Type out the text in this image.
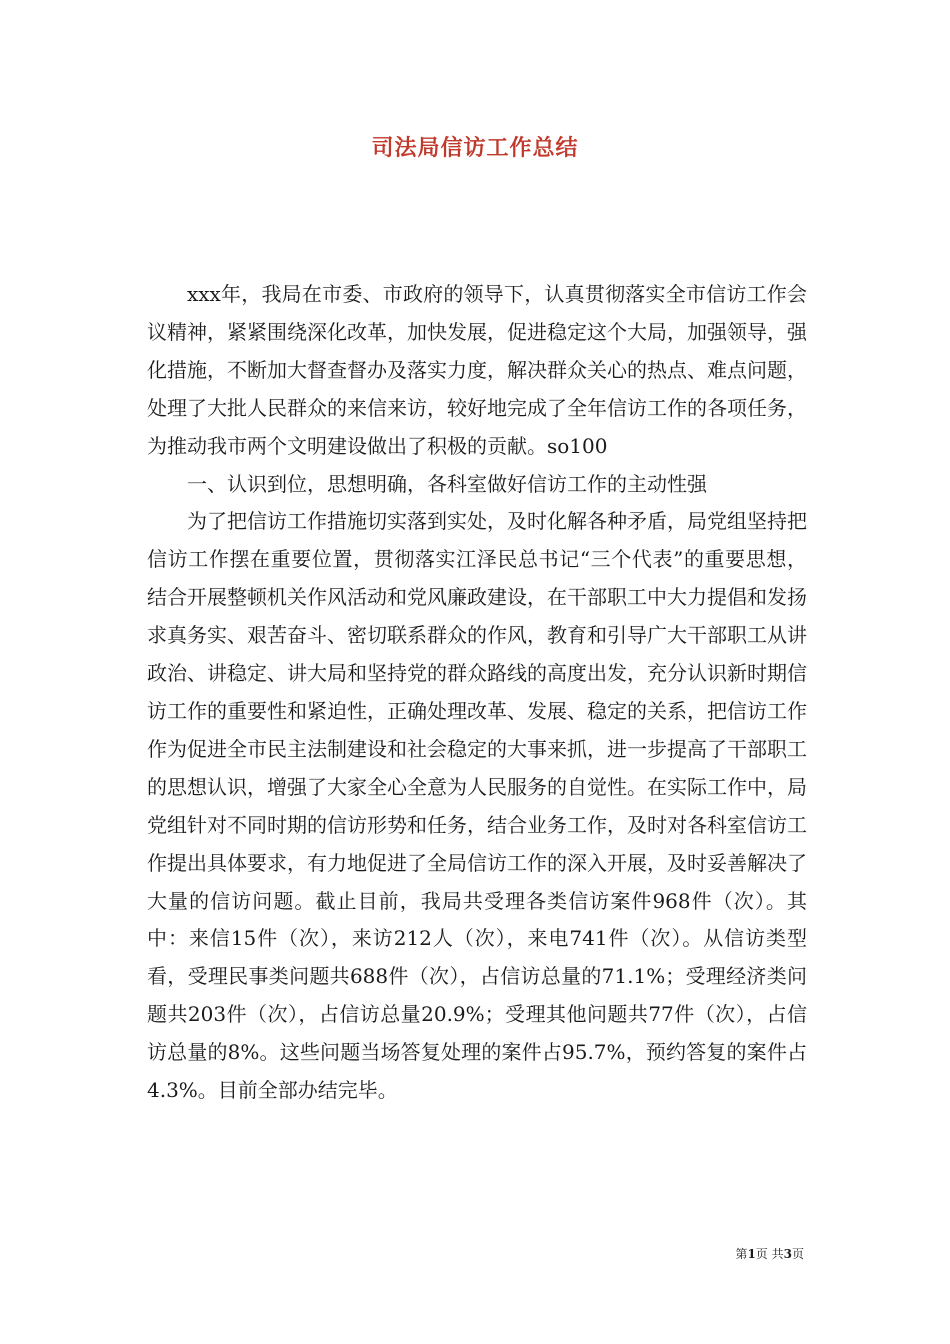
司法局信访工作总结

xxx年，我局在市委、市政府的领导下，认真贯彻落实全市信访工作会议精神，紧紧围绕深化改革，加快发展，促进稳定这个大局，加强领导，强化措施，不断加大督查督办及落实力度，解决群众关心的热点、难点问题，处理了大批人民群众的来信来访，较好地完成了全年信访工作的各项任务，为推动我市两个文明建设做出了积极的贡献。so100

一、认识到位，思想明确，各科室做好信访工作的主动性强

为了把信访工作措施切实落到实处，及时化解各种矛盾，局党组坚持把信访工作摆在重要位置，贯彻落实江泽民总书记“三个代表”的重要思想，结合开展整顿机关作风活动和党风廉政建设，在干部职工中大力提倡和发扬求真务实、艰苦奋斗、密切联系群众的作风，教育和引导广大干部职工从讲政治、讲稳定、讲大局和坚持党的群众路线的高度出发，充分认识新时期信访工作的重要性和紧迫性，正确处理改革、发展、稳定的关系，把信访工作作为促进全市民主法制建设和社会稳定的大事来抓，进一步提高了干部职工的思想认识，增强了大家全心全意为人民服务的自觉性。在实际工作中，局党组针对不同时期的信访形势和任务，结合业务工作，及时对各科室信访工作提出具体要求，有力地促进了全局信访工作的深入开展，及时妥善解决了大量的信访问题。截止目前，我局共受理各类信访案件968件（次）。其中：来信15件（次），来访212人（次），来电741件（次）。从信访类型看，受理民事类问题共688件（次），占信访总量的71.1%；受理经济类问题共203件（次），占信访总量20.9%；受理其他问题共77件（次），占信访总量的8%。这些问题当场答复处理的案件占95.7%，预约答复的案件占4.3%。目前全部办结完毕。

第1页 共3页
